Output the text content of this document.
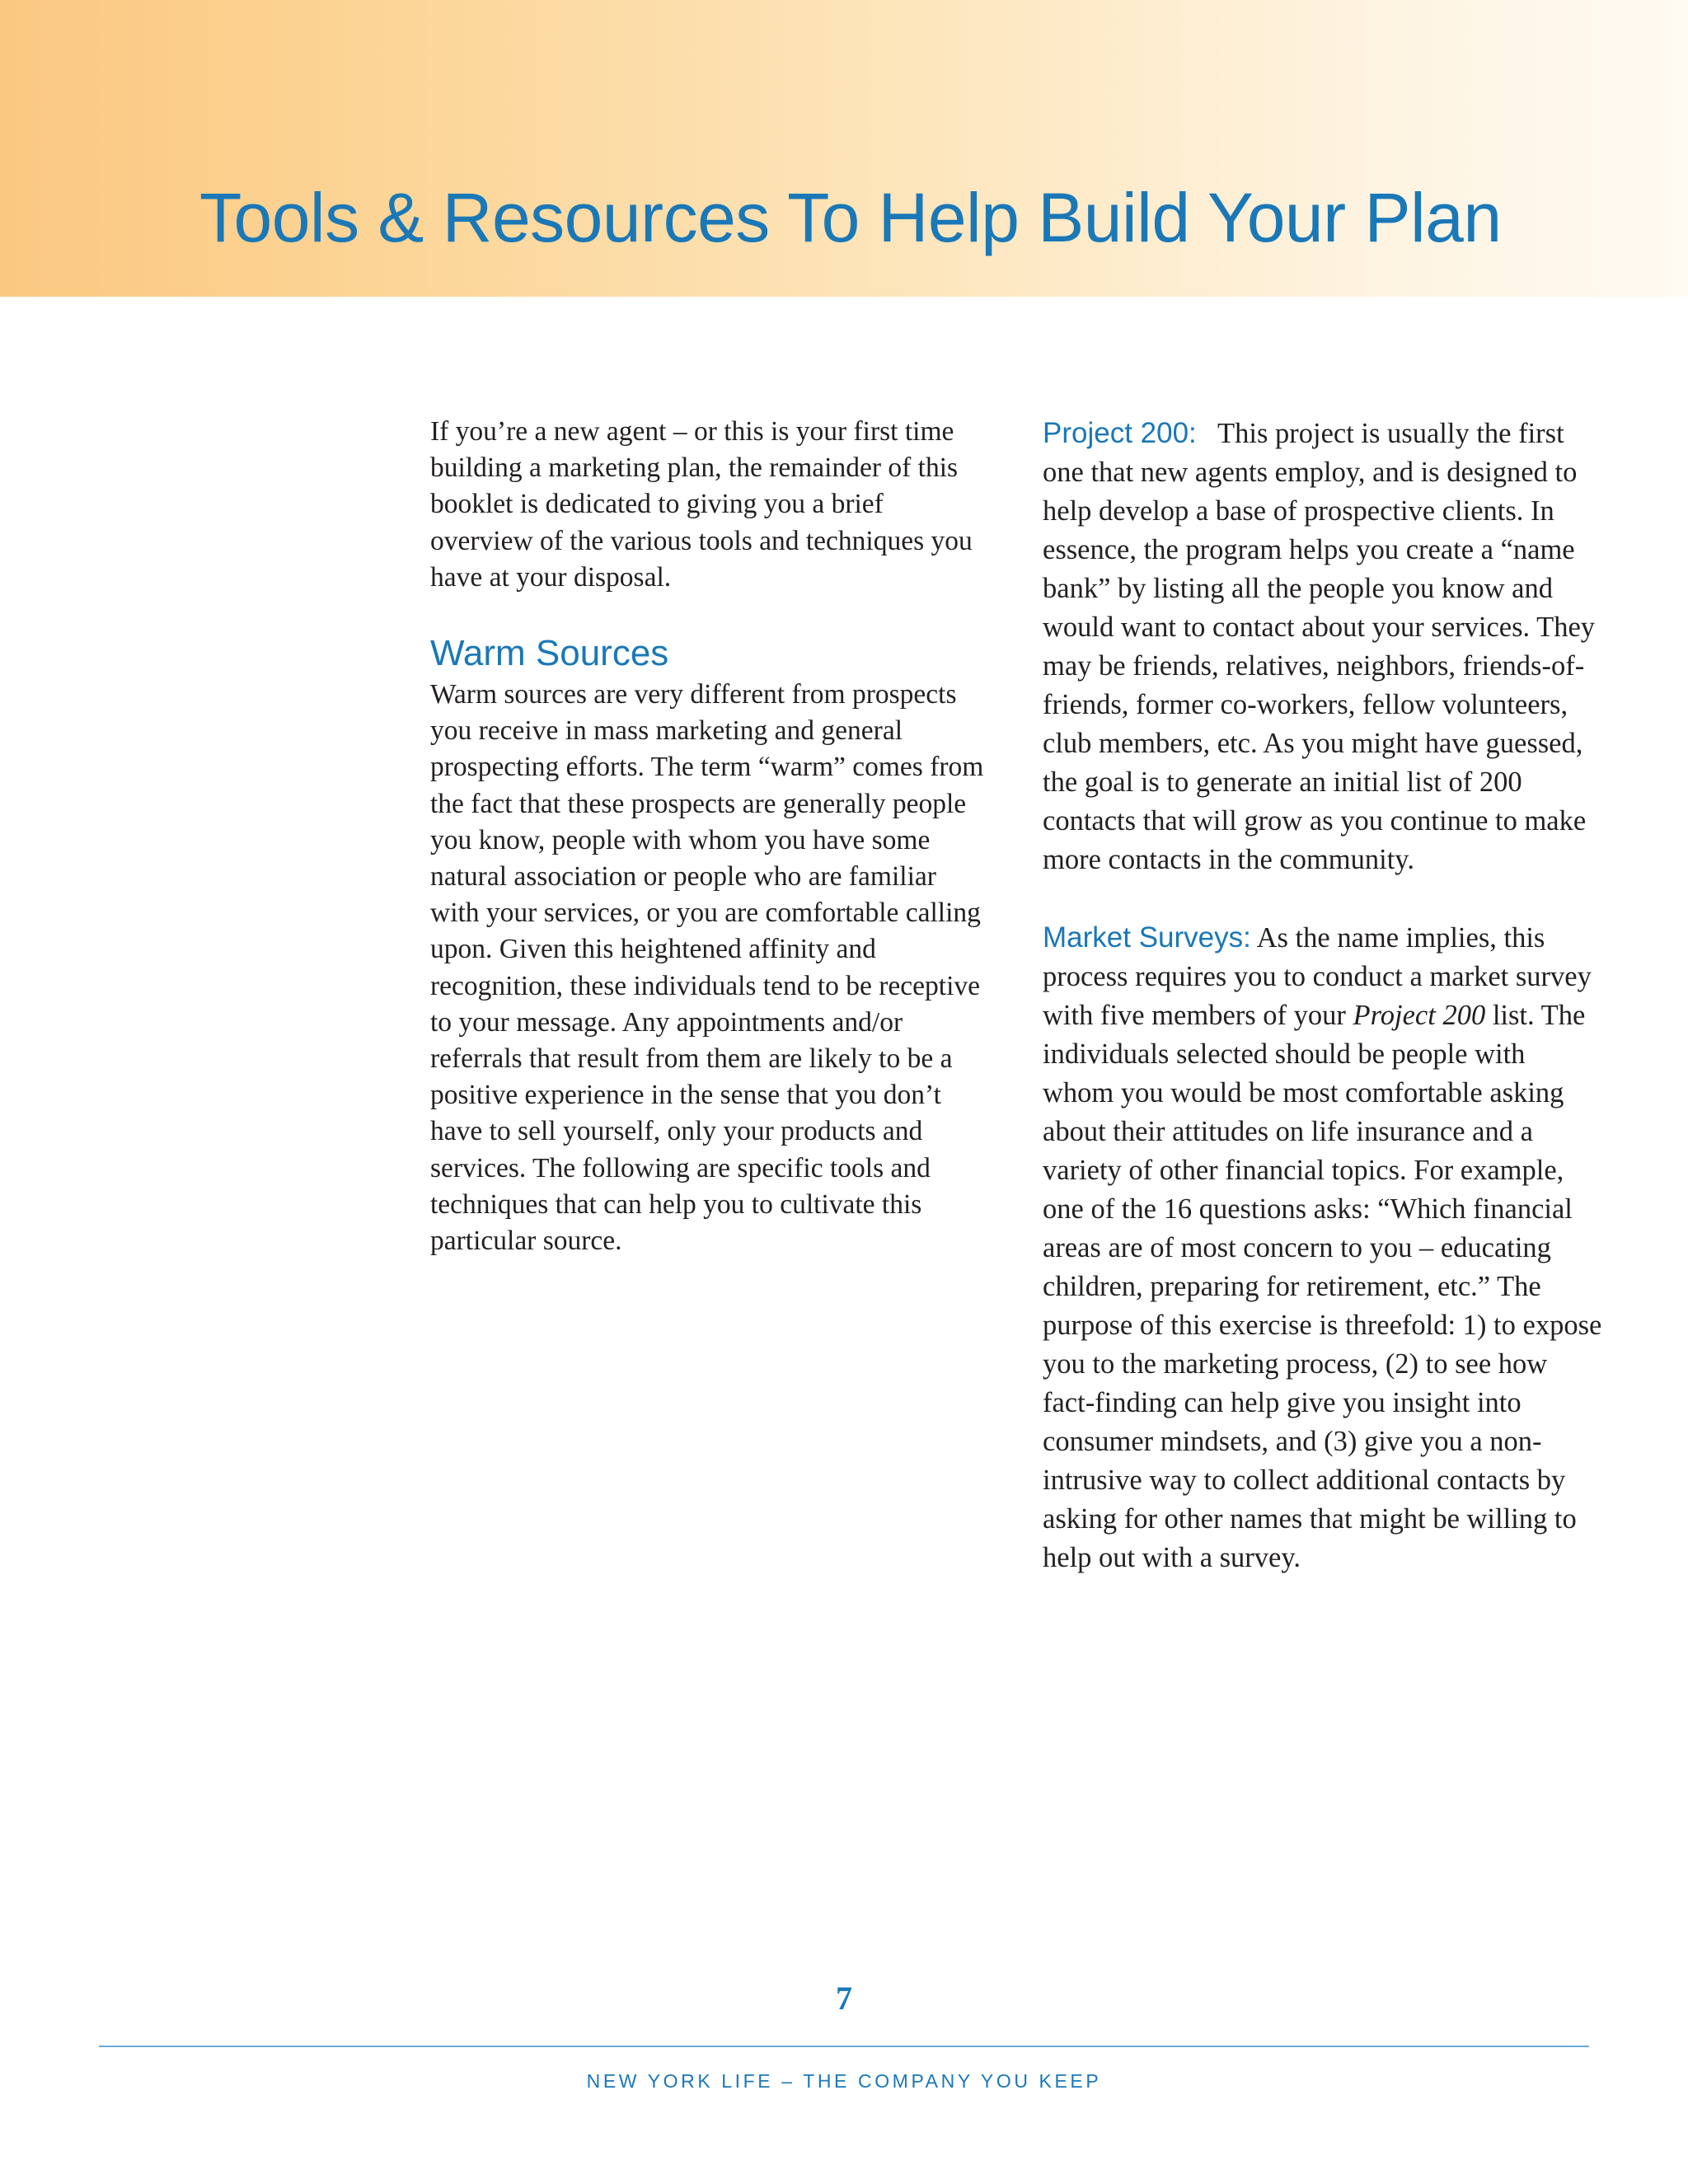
Tools & Resources To Help Build Your Plan

If you’re a new agent – or this is your first time building a marketing plan, the remainder of this booklet is dedicated to giving you a brief overview of the various tools and techniques you have at your disposal.

Warm Sources

Warm sources are very different from prospects you receive in mass marketing and general prospecting efforts. The term “warm” comes from the fact that these prospects are generally people you know, people with whom you have some natural association or people who are familiar with your services, or you are comfortable calling upon. Given this heightened affinity and recognition, these individuals tend to be receptive to your message. Any appointments and/or referrals that result from them are likely to be a positive experience in the sense that you don’t have to sell yourself, only your products and services. The following are specific tools and techniques that can help you to cultivate this particular source.

Project 200: This project is usually the first one that new agents employ, and is designed to help develop a base of prospective clients. In essence, the program helps you create a “name bank” by listing all the people you know and would want to contact about your services. They may be friends, relatives, neighbors, friends-of-friends, former co-workers, fellow volunteers, club members, etc. As you might have guessed, the goal is to generate an initial list of 200 contacts that will grow as you continue to make more contacts in the community.

Market Surveys: As the name implies, this process requires you to conduct a market survey with five members of your Project 200 list. The individuals selected should be people with whom you would be most comfortable asking about their attitudes on life insurance and a variety of other financial topics. For example, one of the 16 questions asks: “Which financial areas are of most concern to you – educating children, preparing for retirement, etc.” The purpose of this exercise is threefold: 1) to expose you to the marketing process, (2) to see how fact-finding can help give you insight into consumer mindsets, and (3) give you a non-intrusive way to collect additional contacts by asking for other names that might be willing to help out with a survey.

7
NEW YORK LIFE – THE COMPANY YOU KEEP
